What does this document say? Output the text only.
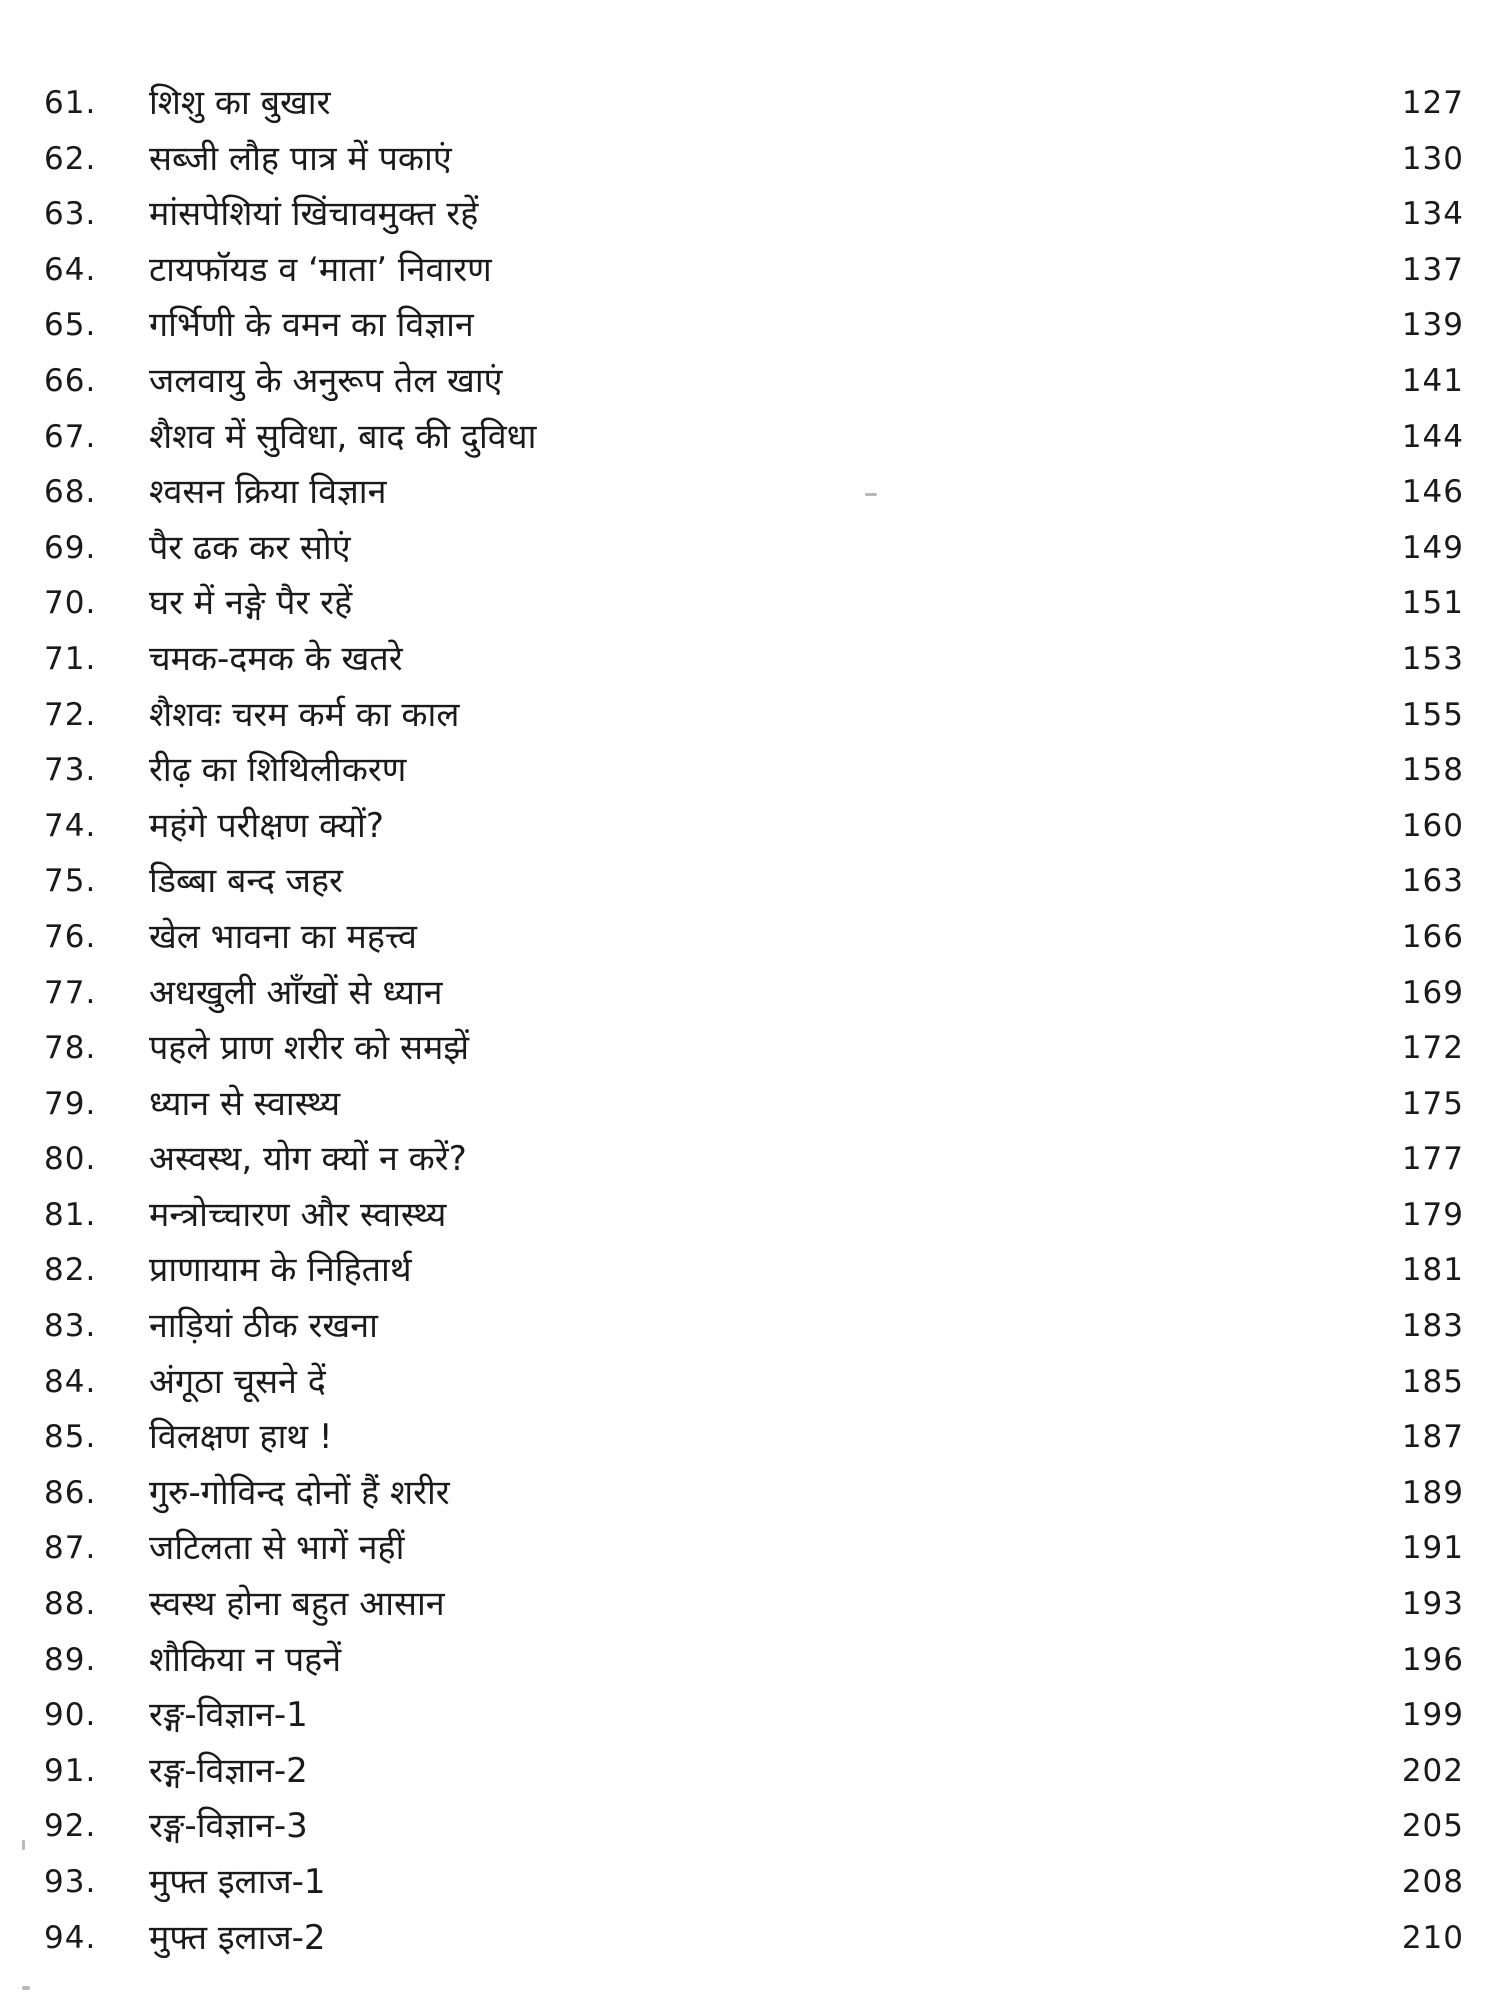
61.	शिशु का बुखार	127
62.	सब्जी लौह पात्र में पकाएं	130
63.	मांसपेशियां खिंचावमुक्त रहें	134
64.	टायफॉयड व ‘माता’ निवारण	137
65.	गर्भिणी के वमन का विज्ञान	139
66.	जलवायु के अनुरूप तेल खाएं	141
67.	शैशव में सुविधा, बाद की दुविधा	144
68.	श्वसन क्रिया विज्ञान	146
69.	पैर ढक कर सोएं	149
70.	घर में नङ्गे पैर रहें	151
71.	चमक-दमक के खतरे	153
72.	शैशवः चरम कर्म का काल	155
73.	रीढ़ का शिथिलीकरण	158
74.	महंगे परीक्षण क्यों?	160
75.	डिब्बा बन्द जहर	163
76.	खेल भावना का महत्त्व	166
77.	अधखुली आँखों से ध्यान	169
78.	पहले प्राण शरीर को समझें	172
79.	ध्यान से स्वास्थ्य	175
80.	अस्वस्थ, योग क्यों न करें?	177
81.	मन्त्रोच्चारण और स्वास्थ्य	179
82.	प्राणायाम के निहितार्थ	181
83.	नाड़ियां ठीक रखना	183
84.	अंगूठा चूसने दें	185
85.	विलक्षण हाथ !	187
86.	गुरु-गोविन्द दोनों हैं शरीर	189
87.	जटिलता से भागें नहीं	191
88.	स्वस्थ होना बहुत आसान	193
89.	शौकिया न पहनें	196
90.	रङ्ग-विज्ञान-1	199
91.	रङ्ग-विज्ञान-2	202
92.	रङ्ग-विज्ञान-3	205
93.	मुफ्त इलाज-1	208
94.	मुफ्त इलाज-2	210
